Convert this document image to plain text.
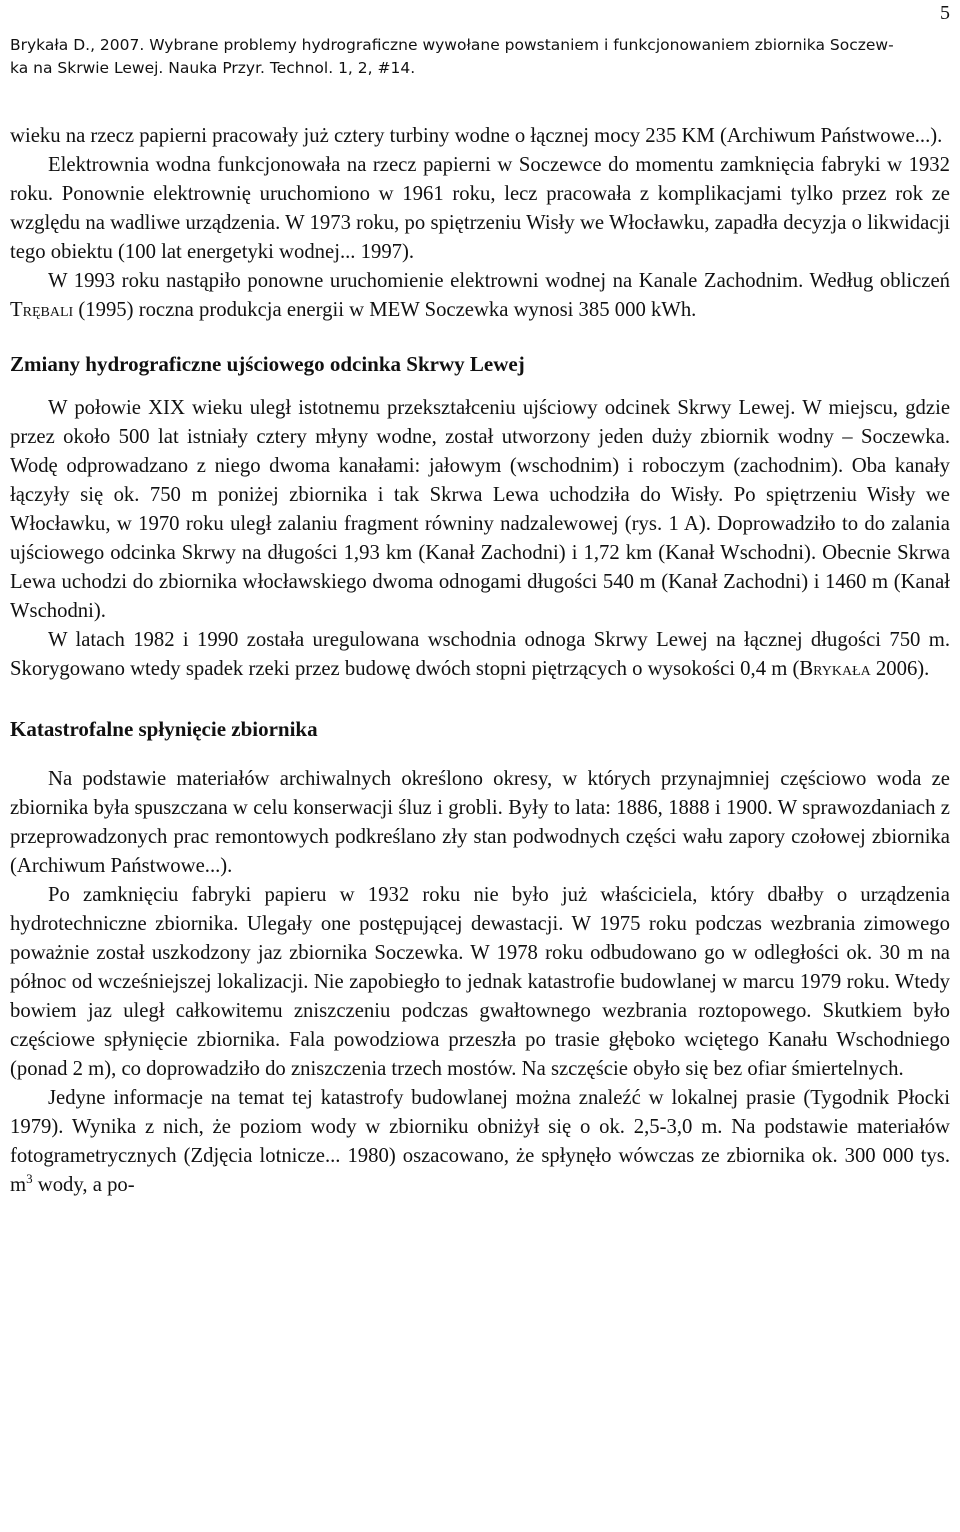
5
Brykała D., 2007. Wybrane problemy hydrograficzne wywołane powstaniem i funkcjonowaniem zbiornika Soczew-
ka na Skrwie Lewej. Nauka Przyr. Technol. 1, 2, #14.

wieku na rzecz papierni pracowały już cztery turbiny wodne o łącznej mocy 235 KM (Archiwum Państwowe...).

Elektrownia wodna funkcjonowała na rzecz papierni w Soczewce do momentu zamknięcia fabryki w 1932 roku. Ponownie elektrownię uruchomiono w 1961 roku, lecz pracowała z komplikacjami tylko przez rok ze względu na wadliwe urządzenia. W 1973 roku, po spiętrzeniu Wisły we Włocławku, zapadła decyzja o likwidacji tego obiektu (100 lat energetyki wodnej... 1997).

W 1993 roku nastąpiło ponowne uruchomienie elektrowni wodnej na Kanale Zachodnim. Według obliczeń Trębali (1995) roczna produkcja energii w MEW Soczewka wynosi 385 000 kWh.

Zmiany hydrograficzne ujściowego odcinka Skrwy Lewej

W połowie XIX wieku uległ istotnemu przekształceniu ujściowy odcinek Skrwy Lewej. W miejscu, gdzie przez około 500 lat istniały cztery młyny wodne, został utworzony jeden duży zbiornik wodny – Soczewka. Wodę odprowadzano z niego dwoma kanałami: jałowym (wschodnim) i roboczym (zachodnim). Oba kanały łączyły się ok. 750 m poniżej zbiornika i tak Skrwa Lewa uchodziła do Wisły. Po spiętrzeniu Wisły we Włocławku, w 1970 roku uległ zalaniu fragment równiny nadzalewowej (rys. 1 A). Doprowadziło to do zalania ujściowego odcinka Skrwy na długości 1,93 km (Kanał Zachodni) i 1,72 km (Kanał Wschodni). Obecnie Skrwa Lewa uchodzi do zbiornika włocławskiego dwoma odnogami długości 540 m (Kanał Zachodni) i 1460 m (Kanał Wschodni).

W latach 1982 i 1990 została uregulowana wschodnia odnoga Skrwy Lewej na łącznej długości 750 m. Skorygowano wtedy spadek rzeki przez budowę dwóch stopni piętrzących o wysokości 0,4 m (Brykała 2006).

Katastrofalne spłynięcie zbiornika

Na podstawie materiałów archiwalnych określono okresy, w których przynajmniej częściowo woda ze zbiornika była spuszczana w celu konserwacji śluz i grobli. Były to lata: 1886, 1888 i 1900. W sprawozdaniach z przeprowadzonych prac remontowych podkreślano zły stan podwodnych części wału zapory czołowej zbiornika (Archiwum Państwowe...).

Po zamknięciu fabryki papieru w 1932 roku nie było już właściciela, który dbałby o urządzenia hydrotechniczne zbiornika. Ulegały one postępującej dewastacji. W 1975 roku podczas wezbrania zimowego poważnie został uszkodzony jaz zbiornika Soczewka. W 1978 roku odbudowano go w odległości ok. 30 m na północ od wcześniejszej lokalizacji. Nie zapobiegło to jednak katastrofie budowlanej w marcu 1979 roku. Wtedy bowiem jaz uległ całkowitemu zniszczeniu podczas gwałtownego wezbrania roztopowego. Skutkiem było częściowe spłynięcie zbiornika. Fala powodziowa przeszła po trasie głęboko wciętego Kanału Wschodniego (ponad 2 m), co doprowadziło do zniszczenia trzech mostów. Na szczęście obyło się bez ofiar śmiertelnych.

Jedyne informacje na temat tej katastrofy budowlanej można znaleźć w lokalnej prasie (Tygodnik Płocki 1979). Wynika z nich, że poziom wody w zbiorniku obniżył się o ok. 2,5-3,0 m. Na podstawie materiałów fotogrametrycznych (Zdjęcia lotnicze... 1980) oszacowano, że spłynęło wówczas ze zbiornika ok. 300 000 tys. $m^3$ wody, a po-
